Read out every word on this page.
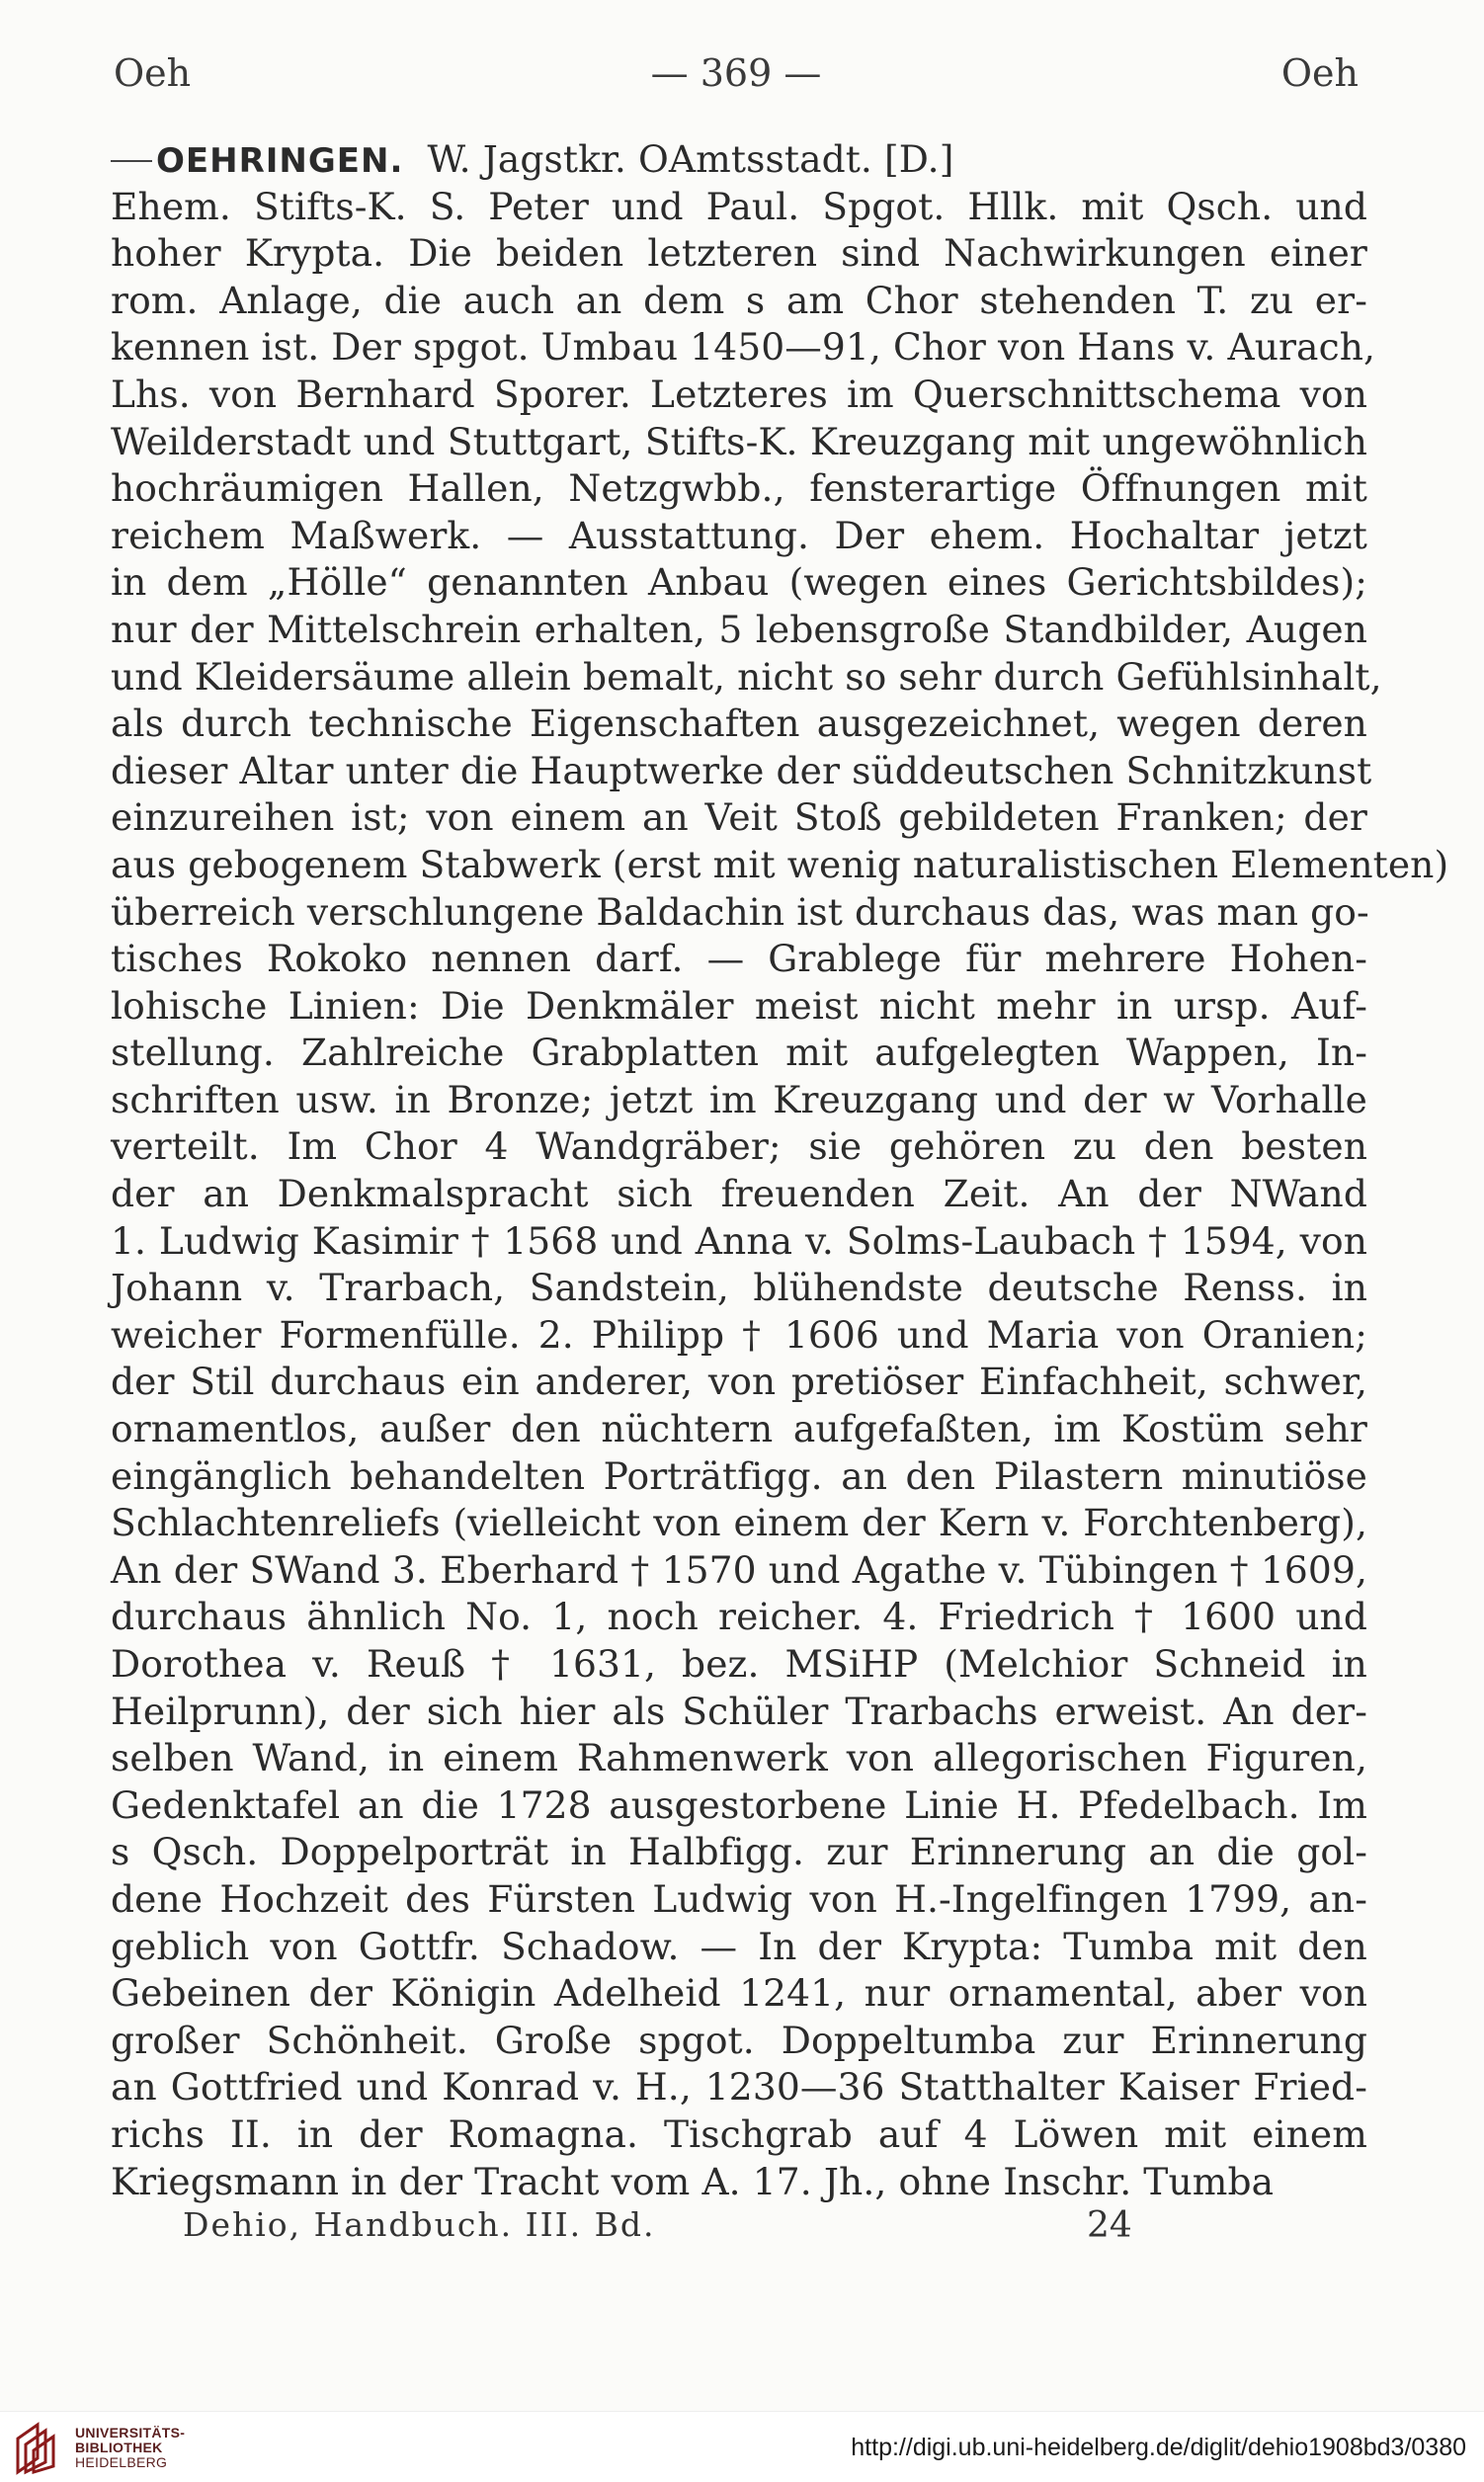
Oeh	— 369 —	Oeh
OEHRINGEN. W. Jagstkr. OAmtsstadt. [D.]
Ehem. Stifts-K. S. Peter und Paul. Spgot. Hllk. mit Qsch. und
hoher Krypta. Die beiden letzteren sind Nachwirkungen einer
rom. Anlage, die auch an dem s am Chor stehenden T. zu er-
kennen ist. Der spgot. Umbau 1450—91, Chor von Hans v. Aurach,
Lhs. von Bernhard Sporer. Letzteres im Querschnittschema von
Weilderstadt und Stuttgart, Stifts-K. Kreuzgang mit ungewöhnlich
hochräumigen Hallen, Netzgwbb., fensterartige Öffnungen mit
reichem Maßwerk. — Ausstattung. Der ehem. Hochaltar jetzt
in dem „Hölle“ genannten Anbau (wegen eines Gerichtsbildes);
nur der Mittelschrein erhalten, 5 lebensgroße Standbilder, Augen
und Kleidersäume allein bemalt, nicht so sehr durch Gefühlsinhalt,
als durch technische Eigenschaften ausgezeichnet, wegen deren
dieser Altar unter die Hauptwerke der süddeutschen Schnitzkunst
einzureihen ist; von einem an Veit Stoß gebildeten Franken; der
aus gebogenem Stabwerk (erst mit wenig naturalistischen Elementen)
überreich verschlungene Baldachin ist durchaus das, was man go-
tisches Rokoko nennen darf. — Grablege für mehrere Hohen-
lohische Linien: Die Denkmäler meist nicht mehr in ursp. Auf-
stellung. Zahlreiche Grabplatten mit aufgelegten Wappen, In-
schriften usw. in Bronze; jetzt im Kreuzgang und der w Vorhalle
verteilt. Im Chor 4 Wandgräber; sie gehören zu den besten
der an Denkmalspracht sich freuenden Zeit. An der NWand
1. Ludwig Kasimir † 1568 und Anna v. Solms-Laubach † 1594, von
Johann v. Trarbach, Sandstein, blühendste deutsche Renss. in
weicher Formenfülle. 2. Philipp † 1606 und Maria von Oranien;
der Stil durchaus ein anderer, von pretiöser Einfachheit, schwer,
ornamentlos, außer den nüchtern aufgefaßten, im Kostüm sehr
eingänglich behandelten Porträtfigg. an den Pilastern minutiöse
Schlachtenreliefs (vielleicht von einem der Kern v. Forchtenberg),
An der SWand 3. Eberhard † 1570 und Agathe v. Tübingen † 1609,
durchaus ähnlich No. 1, noch reicher. 4. Friedrich † 1600 und
Dorothea v. Reuß † 1631, bez. MSiHP (Melchior Schneid in
Heilprunn), der sich hier als Schüler Trarbachs erweist. An der-
selben Wand, in einem Rahmenwerk von allegorischen Figuren,
Gedenktafel an die 1728 ausgestorbene Linie H. Pfedelbach. Im
s Qsch. Doppelporträt in Halbfigg. zur Erinnerung an die gol-
dene Hochzeit des Fürsten Ludwig von H.-Ingelfingen 1799, an-
geblich von Gottfr. Schadow. — In der Krypta: Tumba mit den
Gebeinen der Königin Adelheid 1241, nur ornamental, aber von
großer Schönheit. Große spgot. Doppeltumba zur Erinnerung
an Gottfried und Konrad v. H., 1230—36 Statthalter Kaiser Fried-
richs II. in der Romagna. Tischgrab auf 4 Löwen mit einem
Kriegsmann in der Tracht vom A. 17. Jh., ohne Inschr. Tumba
Dehio, Handbuch. III. Bd.	24
UNIVERSITÄTS-
BIBLIOTHEK
HEIDELBERG
http://digi.ub.uni-heidelberg.de/diglit/dehio1908bd3/0380
